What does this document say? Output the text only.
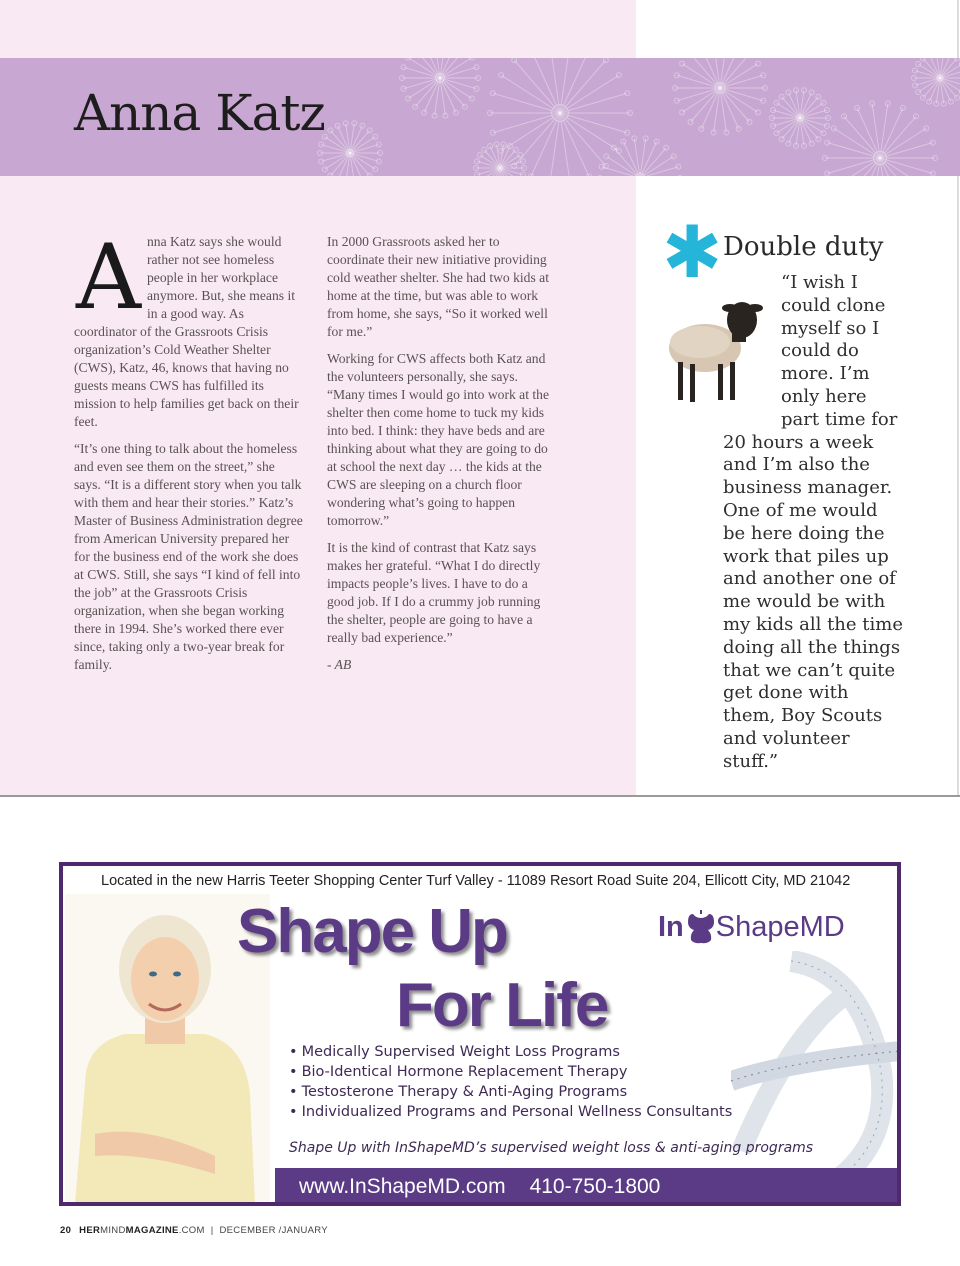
Anna Katz

Anna Katz says she would rather not see homeless people in her workplace anymore. But, she means it in a good way. As coordinator of the Grassroots Crisis organization’s Cold Weather Shelter (CWS), Katz, 46, knows that having no guests means CWS has fulfilled its mission to help families get back on their feet.

“It’s one thing to talk about the homeless and even see them on the street,” she says. “It is a different story when you talk with them and hear their stories.” Katz’s Master of Business Administration degree from American University prepared her for the business end of the work she does at CWS. Still, she says “I kind of fell into the job” at the Grassroots Crisis organization, when she began working there in 1994. She’s worked there ever since, taking only a two-year break for family.

In 2000 Grassroots asked her to coordinate their new initiative providing cold weather shelter. She had two kids at home at the time, but was able to work from home, she says, “So it worked well for me.”

Working for CWS affects both Katz and the volunteers personally, she says. “Many times I would go into work at the shelter then come home to tuck my kids into bed. I think: they have beds and are thinking about what they are going to do at school the next day … the kids at the CWS are sleeping on a church floor wondering what’s going to happen tomorrow.”

It is the kind of contrast that Katz says makes her grateful. “What I do directly impacts people’s lives. I have to do a good job. If I do a crummy job running the shelter, people are going to have a really bad experience.”

- AB

✱ Double duty
“I wish I could clone myself so I could do more. I’m only here part time for 20 hours a week and I’m also the business manager. One of me would be here doing the work that piles up and another one of me would be with my kids all the time doing all the things that we can’t quite get done with them, Boy Scouts and volunteer stuff.”
Located in the new Harris Teeter Shopping Center Turf Valley - 11089 Resort Road Suite 204, Ellicott City, MD 21042
Shape Up
For Life
In ShapeMD
• Medically Supervised Weight Loss Programs
• Bio-Identical Hormone Replacement Therapy
• Testosterone Therapy & Anti-Aging Programs
• Individualized Programs and Personal Wellness Consultants
Shape Up with InShapeMD’s supervised weight loss & anti-aging programs
www.InShapeMD.com 410-750-1800
20 HERMINDMAGAZINE.COM | DECEMBER /JANUARY
